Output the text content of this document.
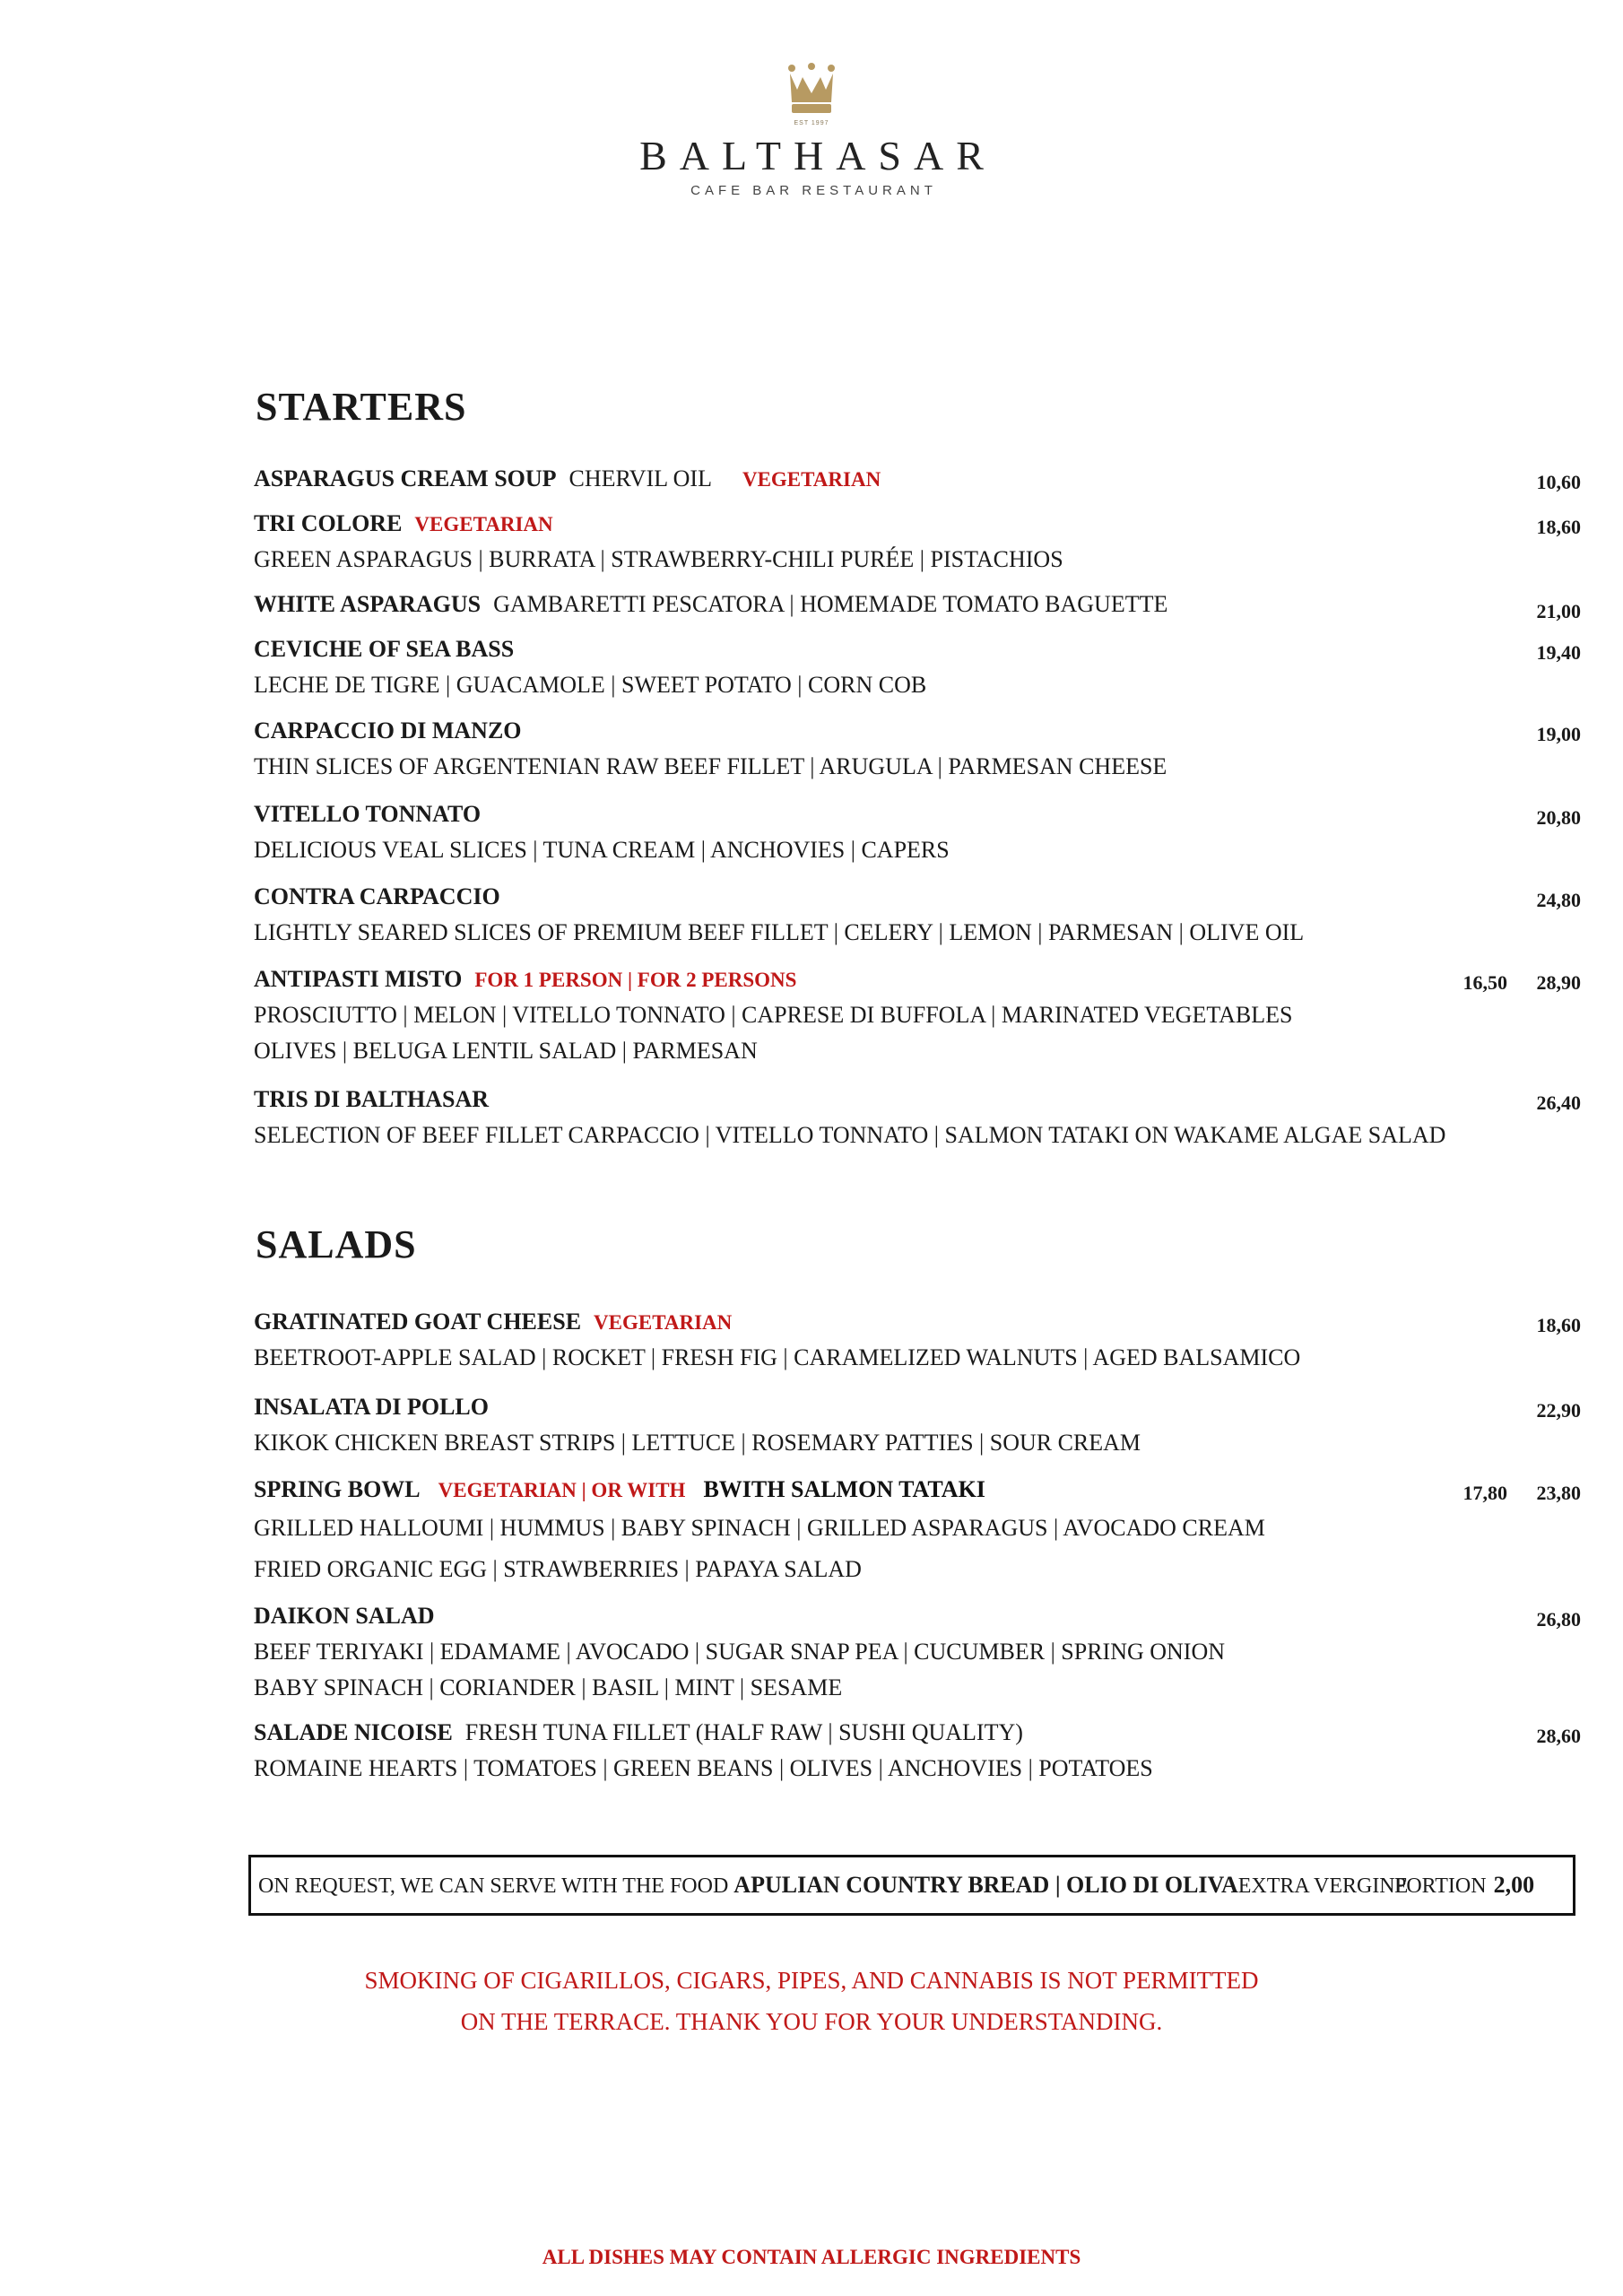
EST 1997
BALTHASAR
CAFE BAR RESTAURANT
STARTERS
ASPARAGUS CREAM SOUP CHERVIL OIL VEGETARIAN	10,60
TRI COLORE VEGETARIAN	18,60
GREEN ASPARAGUS | BURRATA | STRAWBERRY-CHILI PURÉE | PISTACHIOS
WHITE ASPARAGUS GAMBARETTI PESCATORA | HOMEMADE TOMATO BAGUETTE	21,00
CEVICHE OF SEA BASS	19,40
LECHE DE TIGRE | GUACAMOLE | SWEET POTATO | CORN COB
CARPACCIO DI MANZO	19,00
THIN SLICES OF ARGENTENIAN RAW BEEF FILLET | ARUGULA | PARMESAN CHEESE
VITELLO TONNATO	20,80
DELICIOUS VEAL SLICES | TUNA CREAM | ANCHOVIES | CAPERS
CONTRA CARPACCIO	24,80
LIGHTLY SEARED SLICES OF PREMIUM BEEF FILLET | CELERY | LEMON | PARMESAN | OLIVE OIL
ANTIPASTI MISTO FOR 1 PERSON | FOR 2 PERSONS	16,50 28,90
PROSCIUTTO | MELON | VITELLO TONNATO | CAPRESE DI BUFFOLA | MARINATED VEGETABLES
OLIVES | BELUGA LENTIL SALAD | PARMESAN
TRIS DI BALTHASAR	26,40
SELECTION OF BEEF FILLET CARPACCIO | VITELLO TONNATO | SALMON TATAKI ON WAKAME ALGAE SALAD
SALADS
GRATINATED GOAT CHEESE VEGETARIAN	18,60
BEETROOT-APPLE SALAD | ROCKET | FRESH FIG | CARAMELIZED WALNUTS | AGED BALSAMICO
INSALATA DI POLLO	22,90
KIKOK CHICKEN BREAST STRIPS | LETTUCE | ROSEMARY PATTIES | SOUR CREAM
SPRING BOWL VEGETARIAN | OR WITH BWITH SALMON TATAKI	17,80 23,80
GRILLED HALLOUMI | HUMMUS | BABY SPINACH | GRILLED ASPARAGUS | AVOCADO CREAM
FRIED ORGANIC EGG | STRAWBERRIES | PAPAYA SALAD
DAIKON SALAD	26,80
BEEF TERIYAKI | EDAMAME | AVOCADO | SUGAR SNAP PEA | CUCUMBER | SPRING ONION
BABY SPINACH | CORIANDER | BASIL | MINT | SESAME
SALADE NICOISE FRESH TUNA FILLET (HALF RAW | SUSHI QUALITY)	28,60
ROMAINE HEARTS | TOMATOES | GREEN BEANS | OLIVES | ANCHOVIES | POTATOES
ON REQUEST, WE CAN SERVE WITH THE FOOD APULIAN COUNTRY BREAD | OLIO DI OLIVAEXTRA VERGINE
PORTION 2,00
SMOKING OF CIGARILLOS, CIGARS, PIPES, AND CANNABIS IS NOT PERMITTED
ON THE TERRACE. THANK YOU FOR YOUR UNDERSTANDING.
ALL DISHES MAY CONTAIN ALLERGIC INGREDIENTS
